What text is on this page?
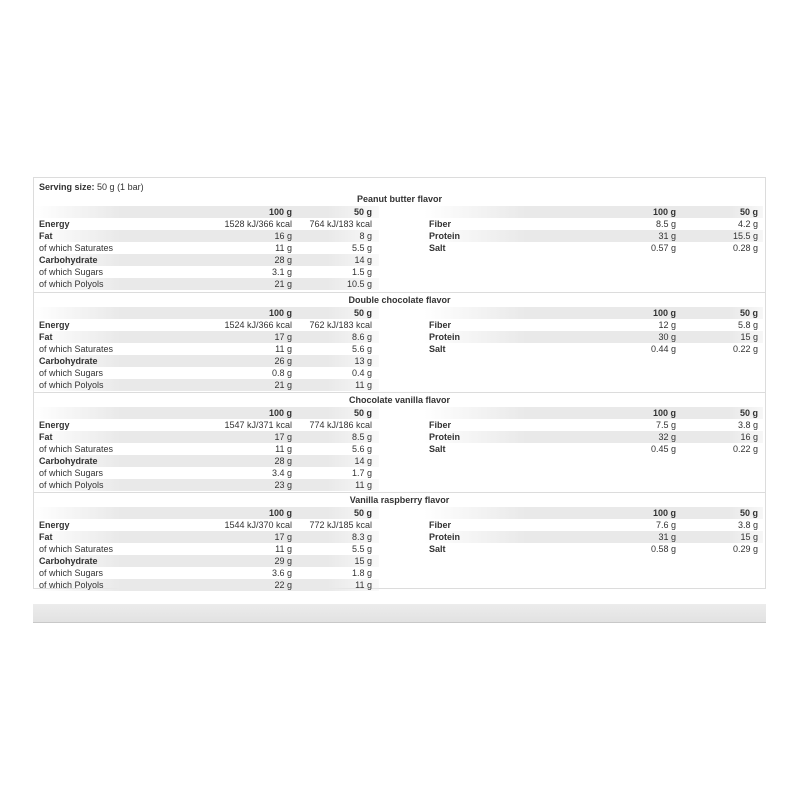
Serving size: 50 g (1 bar)
Peanut butter flavor
100 g	50 g	100 g	50 g
Energy	1528 kJ/366 kcal 764 kJ/183 kcal
Fat	16 g	8 g
of which Saturates	11 g	5.5 g
Carbohydrate	28 g	14 g
of which Sugars	3.1 g	1.5 g
of which Polyols	21 g	10.5 g
Fiber	8.5 g	4.2 g
Protein	31 g	15.5 g
Salt	0.57 g	0.28 g
Double chocolate flavor
100 g	50 g	100 g	50 g
Energy	1524 kJ/366 kcal 762 kJ/183 kcal
Fat	17 g	8.6 g
of which Saturates	11 g	5.6 g
Carbohydrate	26 g	13 g
of which Sugars	0.8 g	0.4 g
of which Polyols	21 g	11 g
Fiber	12 g	5.8 g
Protein	30 g	15 g
Salt	0.44 g	0.22 g
Chocolate vanilla flavor
100 g	50 g	100 g	50 g
Energy	1547 kJ/371 kcal 774 kJ/186 kcal
Fat	17 g	8.5 g
of which Saturates	11 g	5.6 g
Carbohydrate	28 g	14 g
of which Sugars	3.4 g	1.7 g
of which Polyols	23 g	11 g
Fiber	7.5 g	3.8 g
Protein	32 g	16 g
Salt	0.45 g	0.22 g
Vanilla raspberry flavor
100 g	50 g	100 g	50 g
Energy	1544 kJ/370 kcal 772 kJ/185 kcal
Fat	17 g	8.3 g
of which Saturates	11 g	5.5 g
Carbohydrate	29 g	15 g
of which Sugars	3.6 g	1.8 g
of which Polyols	22 g	11 g
Fiber	7.6 g	3.8 g
Protein	31 g	15 g
Salt	0.58 g	0.29 g
